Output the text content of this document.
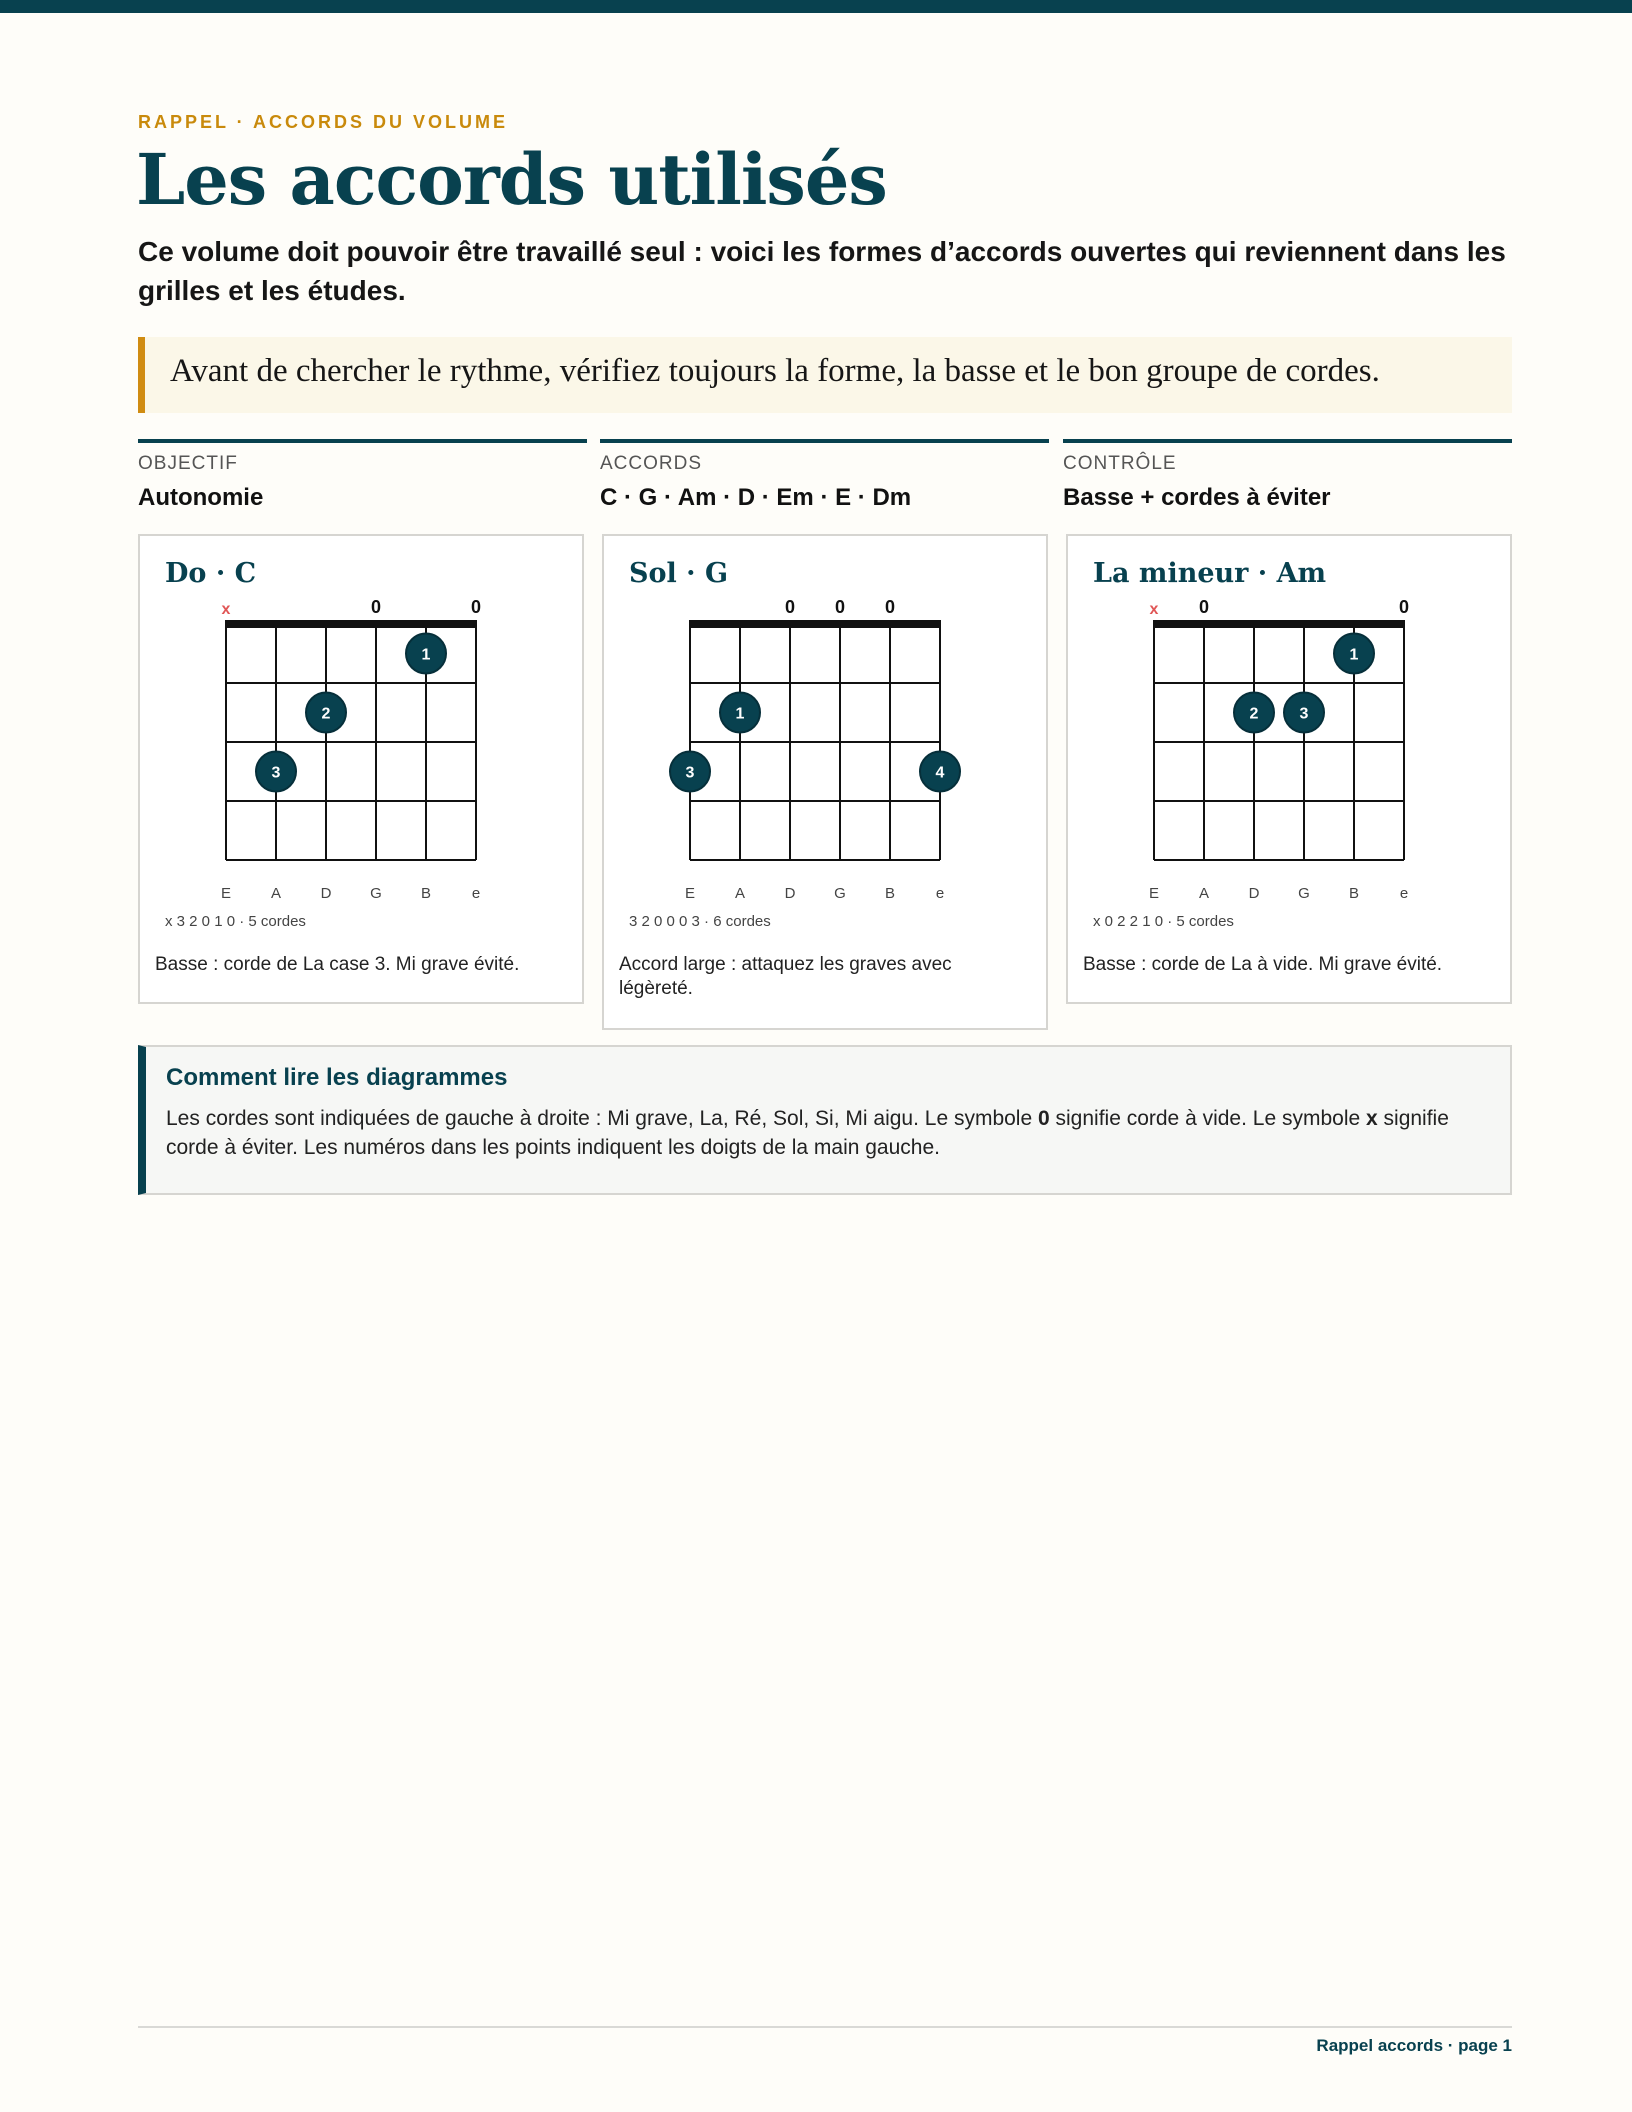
RAPPEL · ACCORDS DU VOLUME
Les accords utilisés

Ce volume doit pouvoir être travaillé seul : voici les formes d’accords ouvertes qui reviennent dans les grilles et les études.

Avant de chercher le rythme, vérifiez toujours la forme, la basse et le bon groupe de cordes.
OBJECTIF
Autonomie
ACCORDS
C · G · Am · D · Em · E · Dm
CONTRÔLE
Basse + cordes à éviter
Do · C
x	0	0
3
2
1
E	A	D	G	B	e
x 3 2 0 1 0 · 5 cordes
Basse : corde de La case 3. Mi grave évité.
Sol · G
0 0 0
3
1
4
E	A	D	G	B	e
3 2 0 0 0 3 · 6 cordes
Accord large : attaquez les graves avec légèreté.
La mineur · Am
x 0	0
2	3
1
E	A	D	G	B	e
x 0 2 2 1 0 · 5 cordes
Basse : corde de La à vide. Mi grave évité.
Comment lire les diagrammes
Les cordes sont indiquées de gauche à droite : Mi grave, La, Ré, Sol, Si, Mi aigu. Le symbole 0 signifie corde à vide. Le symbole x signifie corde à éviter. Les numéros dans les points indiquent les doigts de la main gauche.
Rappel accords · page 1
